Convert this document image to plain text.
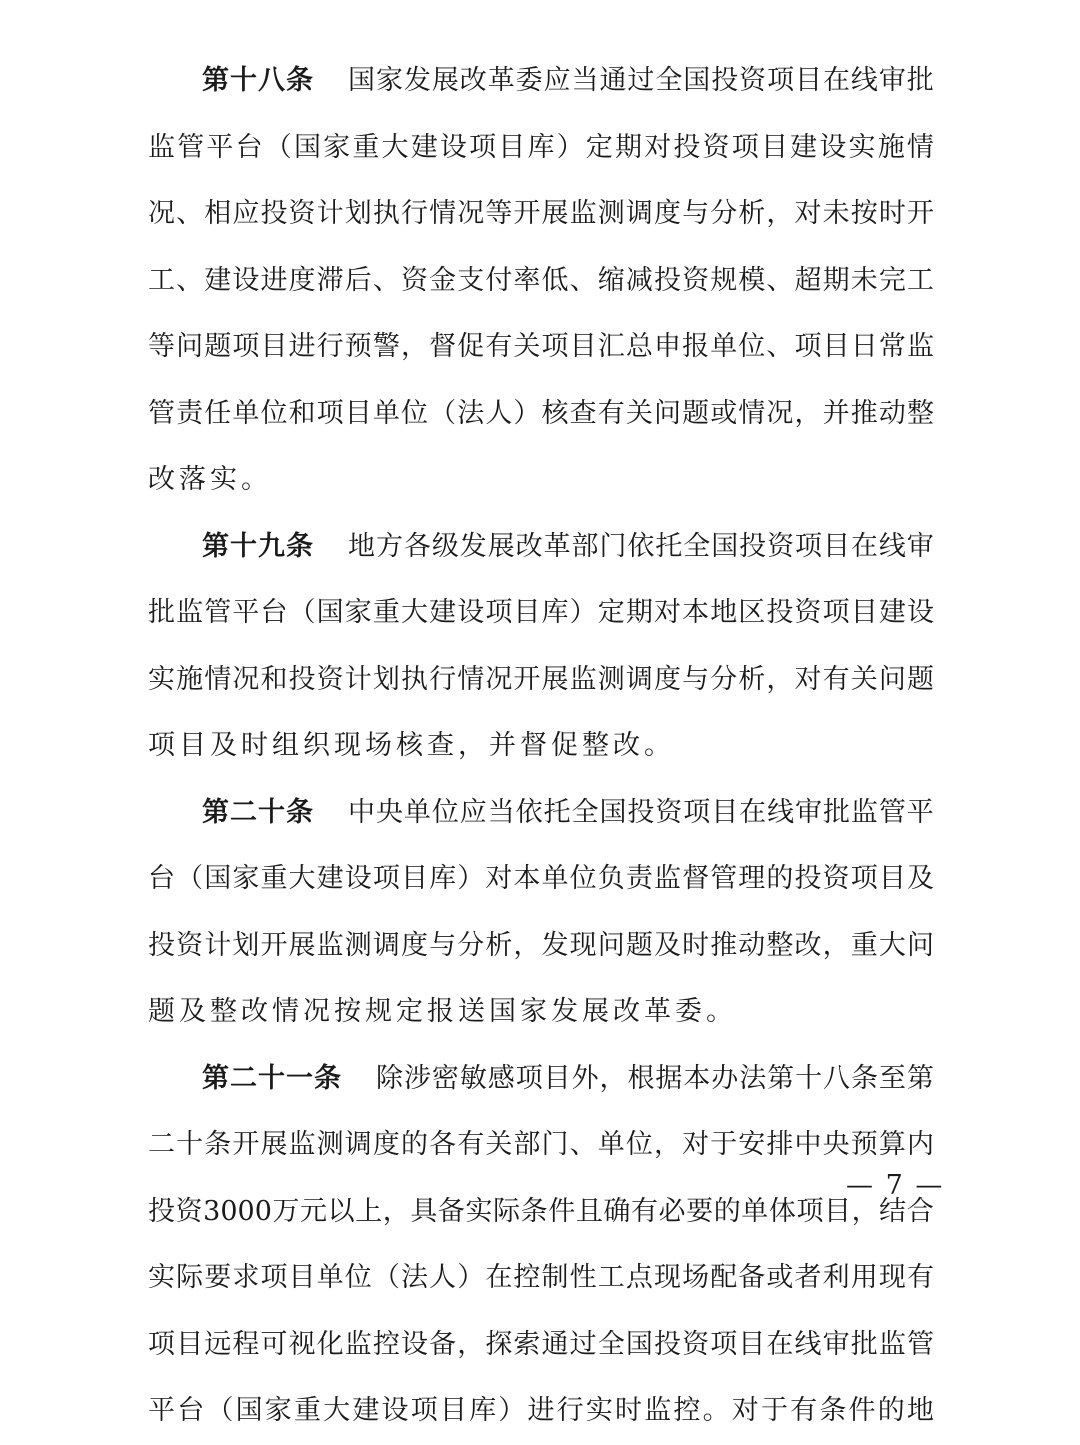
第十八条 国 家 发 展 改 革 委 应 当 通 过 全 国 投 资 项 目 在 线 审 批
监 管 平 台 （ 国 家 重 大 建 设 项 目 库 ） 定 期 对 投 资 项 目 建 设 实 施 情
况 、 相 应 投 资 计 划 执 行 情 况 等 开 展 监 测 调 度 与 分 析 ， 对 未 按 时 开
工 、 建 设 进 度 滞 后 、 资 金 支 付 率 低 、 缩 减 投 资 规 模 、 超 期 未 完 工
等 问 题 项 目 进 行 预 警 ， 督 促 有 关 项 目 汇 总 申 报 单 位 、 项 目 日 常 监
管 责 任 单 位 和 项 目 单 位 （ 法 人 ） 核 查 有 关 问 题 或 情 况 ， 并 推 动 整
改 落 实 。
第十九条 地 方 各 级 发 展 改 革 部 门 依 托 全 国 投 资 项 目 在 线 审
批 监 管 平 台 （ 国 家 重 大 建 设 项 目 库 ） 定 期 对 本 地 区 投 资 项 目 建 设
实 施 情 况 和 投 资 计 划 执 行 情 况 开 展 监 测 调 度 与 分 析 ， 对 有 关 问 题
项 目 及 时 组 织 现 场 核 查 ， 并 督 促 整 改 。
第二十条 中 央 单 位 应 当 依 托 全 国 投 资 项 目 在 线 审 批 监 管 平
台 （ 国 家 重 大 建 设 项 目 库 ） 对 本 单 位 负 责 监 督 管 理 的 投 资 项 目 及
投 资 计 划 开 展 监 测 调 度 与 分 析 ， 发 现 问 题 及 时 推 动 整 改 ， 重 大 问
题 及 整 改 情 况 按 规 定 报 送 国 家 发 展 改 革 委 。
第二十一条 除 涉 密 敏 感 项 目 外 ， 根 据 本 办 法 第 十 八 条 至 第
二 十 条 开 展 监 测 调 度 的 各 有 关 部 门 、 单 位 ， 对 于 安 排 中 央 预 算 内
投 资 3000 万 元 以 上 ， 具 备 实 际 条 件 且 确 有 必 要 的 单 体 项 目 ， 结 合
实 际 要 求 项 目 单 位 （ 法 人 ） 在 控 制 性 工 点 现 场 配 备 或 者 利 用 现 有
项 目 远 程 可 视 化 监 控 设 备 ， 探 索 通 过 全 国 投 资 项 目 在 线 审 批 监 管
平 台 （ 国 家 重 大 建 设 项 目 库 ） 进 行 实 时 监 控 。 对 于 有 条 件 的 地
— 7 —
